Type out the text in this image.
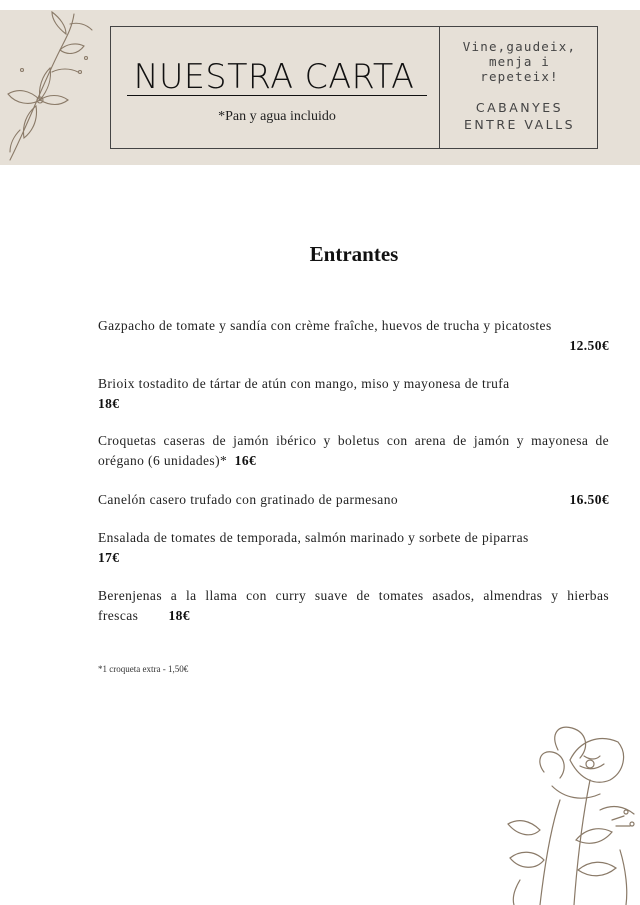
NUESTRA CARTA
*Pan y agua incluido
Vine,gaudeix,
menja i
repeteix!
CABANYES
ENTRE VALLS
Entrantes
Gazpacho de tomate y sandía con crème fraîche, huevos de trucha y picatostes
12.50€
Brioix tostadito de tártar de atún con mango, miso y mayonesa de trufa
18€
Croquetas caseras de jamón ibérico y boletus con arena de jamón y mayonesa de orégano (6 unidades)* 16€
Canelón casero trufado con gratinado de parmesano	16.50€
Ensalada de tomates de temporada, salmón marinado y sorbete de piparras
17€
Berenjenas a la llama con curry suave de tomates asados, almendras y hierbas frescas 18€
*1 croqueta extra - 1,50€
